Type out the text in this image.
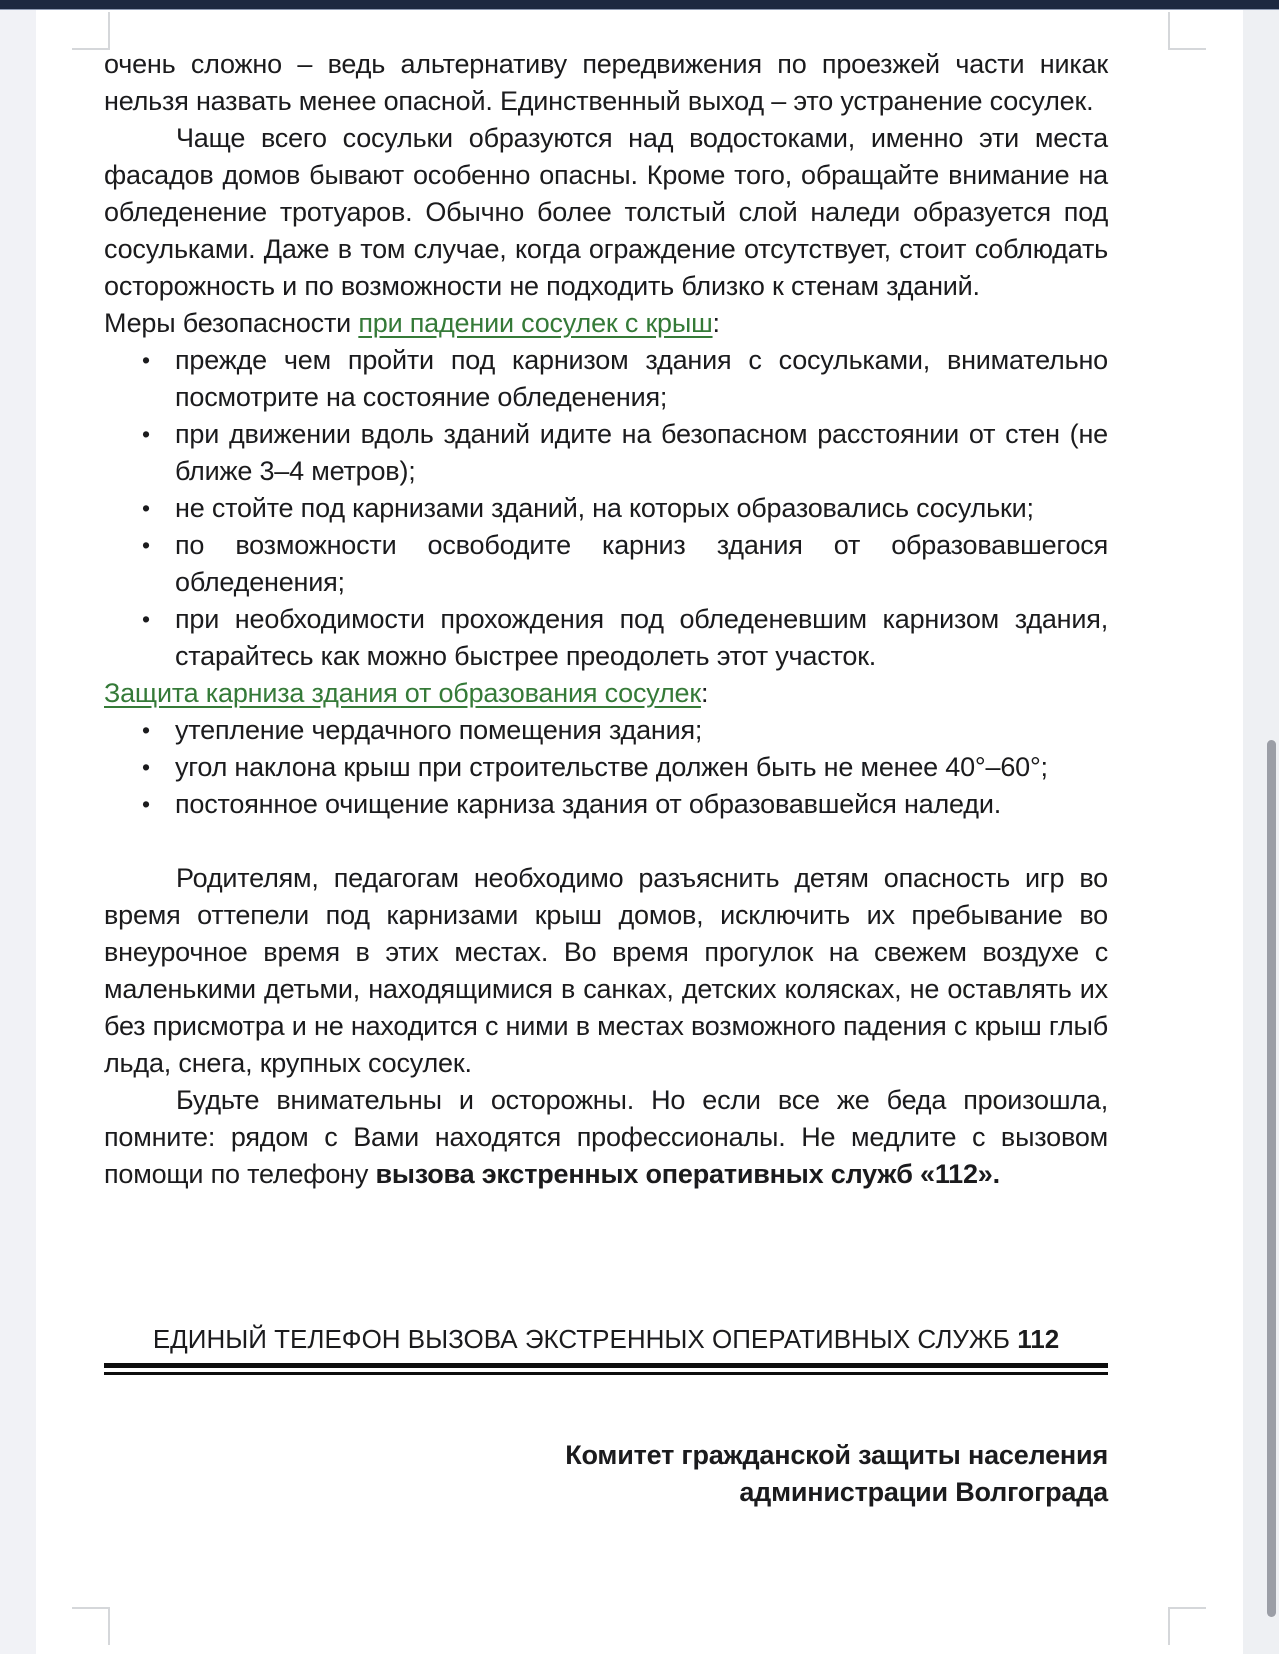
очень сложно – ведь альтернативу передвижения по проезжей части никак нельзя назвать менее опасной. Единственный выход – это устранение сосулек.

Чаще всего сосульки образуются над водостоками, именно эти места фасадов домов бывают особенно опасны. Кроме того, обращайте внимание на обледенение тротуаров. Обычно более толстый слой наледи образуется под сосульками. Даже в том случае, когда ограждение отсутствует, стоит соблюдать осторожность и по возможности не подходить близко к стенам зданий.

Меры безопасности при падении сосулек с крыш:
• прежде чем пройти под карнизом здания с сосульками, внимательно посмотрите на состояние обледенения;
• при движении вдоль зданий идите на безопасном расстоянии от стен (не ближе 3–4 метров);
• не стойте под карнизами зданий, на которых образовались сосульки;
• по возможности освободите карниз здания от образовавшегося обледенения;
• при необходимости прохождения под обледеневшим карнизом здания, старайтесь как можно быстрее преодолеть этот участок.
Защита карниза здания от образования сосулек:
• утепление чердачного помещения здания;
• угол наклона крыш при строительстве должен быть не менее 40°–60°;
• постоянное очищение карниза здания от образовавшейся наледи.

Родителям, педагогам необходимо разъяснить детям опасность игр во время оттепели под карнизами крыш домов, исключить их пребывание во внеурочное время в этих местах. Во время прогулок на свежем воздухе с маленькими детьми, находящимися в санках, детских колясках, не оставлять их без присмотра и не находится с ними в местах возможного падения с крыш глыб льда, снега, крупных сосулек.

Будьте внимательны и осторожны. Но если все же беда произошла, помните: рядом с Вами находятся профессионалы. Не медлите с вызовом помощи по телефону вызова экстренных оперативных служб «112».

ЕДИНЫЙ ТЕЛЕФОН ВЫЗОВА ЭКСТРЕННЫХ ОПЕРАТИВНЫХ СЛУЖБ 112
Комитет гражданской защиты населения
администрации Волгограда
